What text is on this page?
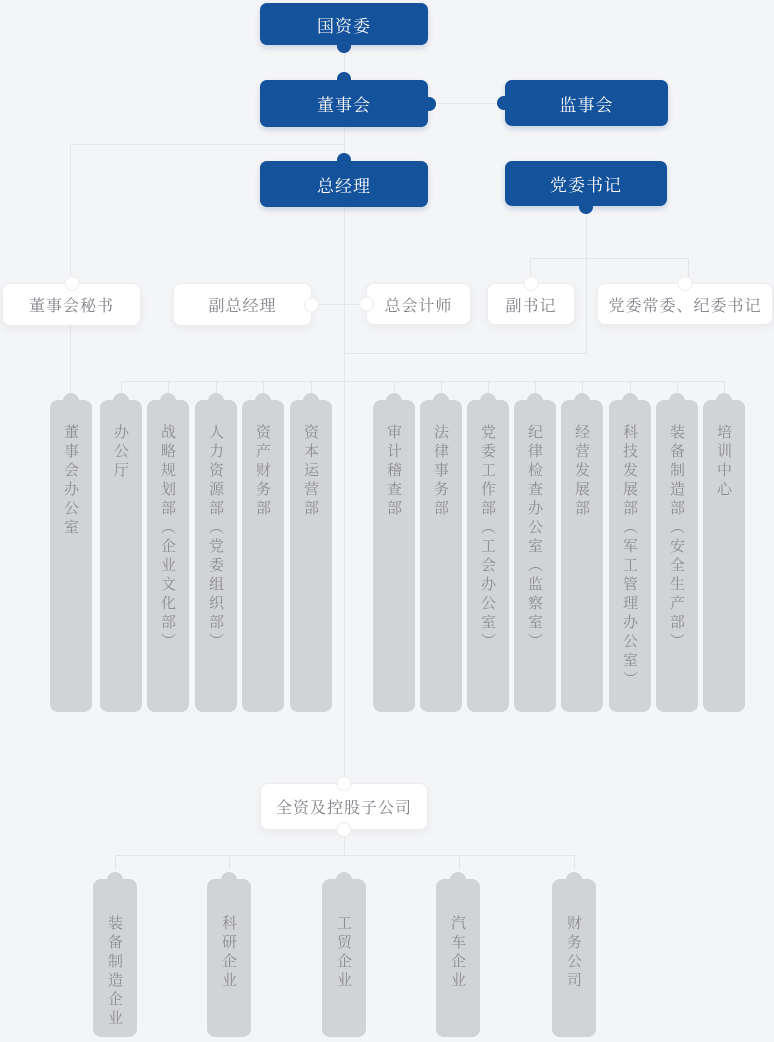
国资委
董事会	监事会
总经理	党委书记
董事会秘书	副总经理	总会计师	副书记	党委常委、纪委书记
董事会办公室	办公厅	战略规划部（企业文化部）	人力资源部（党委组织部）	资产财务部	资本运营部	审计稽查部	法律事务部	党委工作部（工会办公室）	纪律检查办公室（监察室）	经营发展部	科技发展部（军工管理办公室）	装备制造部（安全生产部）	培训中心
全资及控股子公司
装备制造企业	科研企业	工贸企业	汽车企业	财务公司
